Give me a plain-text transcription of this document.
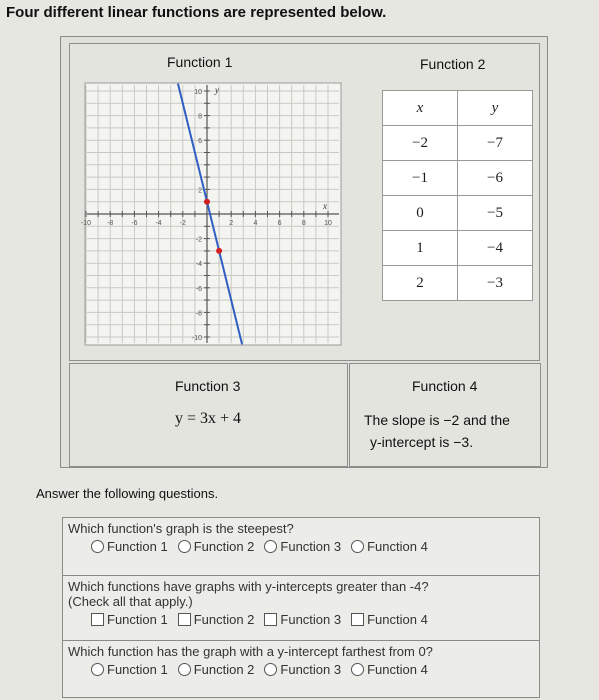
Four different linear functions are represented below.
Function 1	Function 2
-10 -8	-6	-4	-2	2	4	6	8	10
10
8
6
2
-2
-4
-6
-8
-10
x
y
x	y
−2	−7
−1	−6
0	−5
1	−4
2	−3
Function 3
y = 3x + 4
Function 4
The slope is −2 and the
y-intercept is −3.
Answer the following questions.
Which function's graph is the steepest?
Function 1 Function 2 Function 3 Function 4
Which functions have graphs with y-intercepts greater than -4?
(Check all that apply.)
Function 1 Function 2 Function 3 Function 4
Which function has the graph with a y-intercept farthest from 0?
Function 1 Function 2 Function 3 Function 4
